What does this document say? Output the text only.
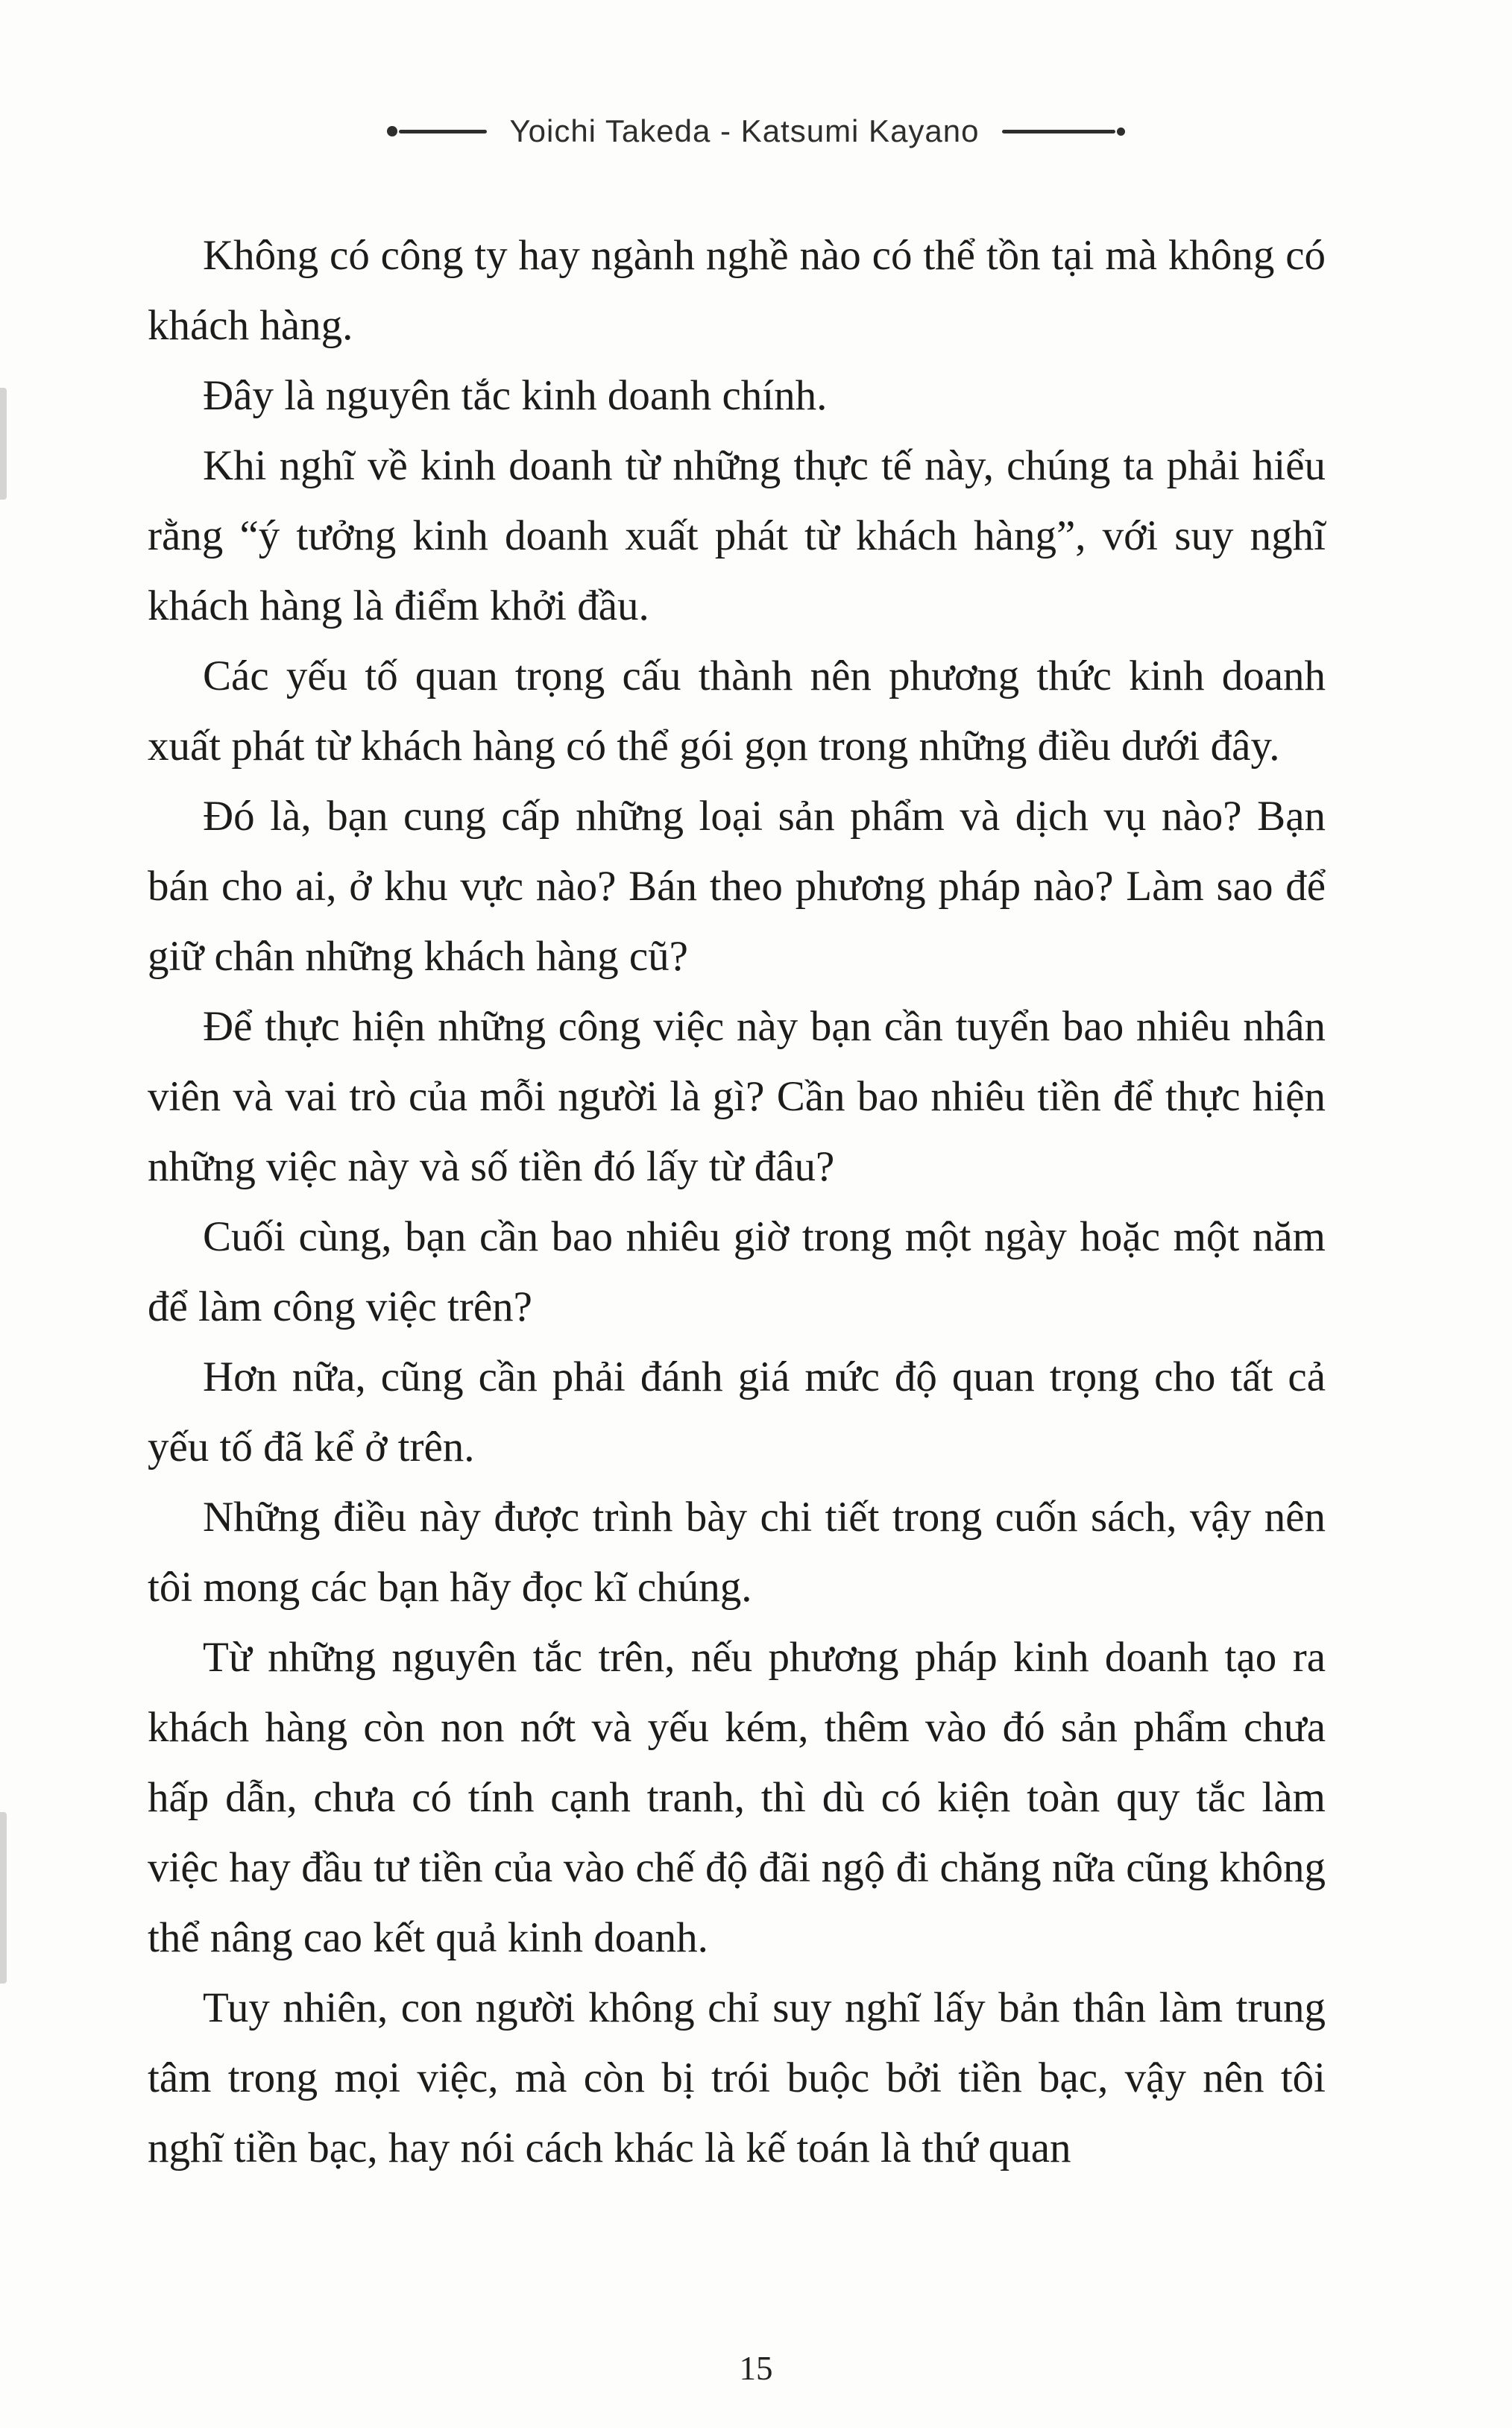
Yoichi Takeda - Katsumi Kayano

Không có công ty hay ngành nghề nào có thể tồn tại mà không có khách hàng.

Đây là nguyên tắc kinh doanh chính.

Khi nghĩ về kinh doanh từ những thực tế này, chúng ta phải hiểu rằng “ý tưởng kinh doanh xuất phát từ khách hàng”, với suy nghĩ khách hàng là điểm khởi đầu.

Các yếu tố quan trọng cấu thành nên phương thức kinh doanh xuất phát từ khách hàng có thể gói gọn trong những điều dưới đây.

Đó là, bạn cung cấp những loại sản phẩm và dịch vụ nào? Bạn bán cho ai, ở khu vực nào? Bán theo phương pháp nào? Làm sao để giữ chân những khách hàng cũ?

Để thực hiện những công việc này bạn cần tuyển bao nhiêu nhân viên và vai trò của mỗi người là gì? Cần bao nhiêu tiền để thực hiện những việc này và số tiền đó lấy từ đâu?

Cuối cùng, bạn cần bao nhiêu giờ trong một ngày hoặc một năm để làm công việc trên?

Hơn nữa, cũng cần phải đánh giá mức độ quan trọng cho tất cả yếu tố đã kể ở trên.

Những điều này được trình bày chi tiết trong cuốn sách, vậy nên tôi mong các bạn hãy đọc kĩ chúng.

Từ những nguyên tắc trên, nếu phương pháp kinh doanh tạo ra khách hàng còn non nớt và yếu kém, thêm vào đó sản phẩm chưa hấp dẫn, chưa có tính cạnh tranh, thì dù có kiện toàn quy tắc làm việc hay đầu tư tiền của vào chế độ đãi ngộ đi chăng nữa cũng không thể nâng cao kết quả kinh doanh.

Tuy nhiên, con người không chỉ suy nghĩ lấy bản thân làm trung tâm trong mọi việc, mà còn bị trói buộc bởi tiền bạc, vậy nên tôi nghĩ tiền bạc, hay nói cách khác là kế toán là thứ quan

15
